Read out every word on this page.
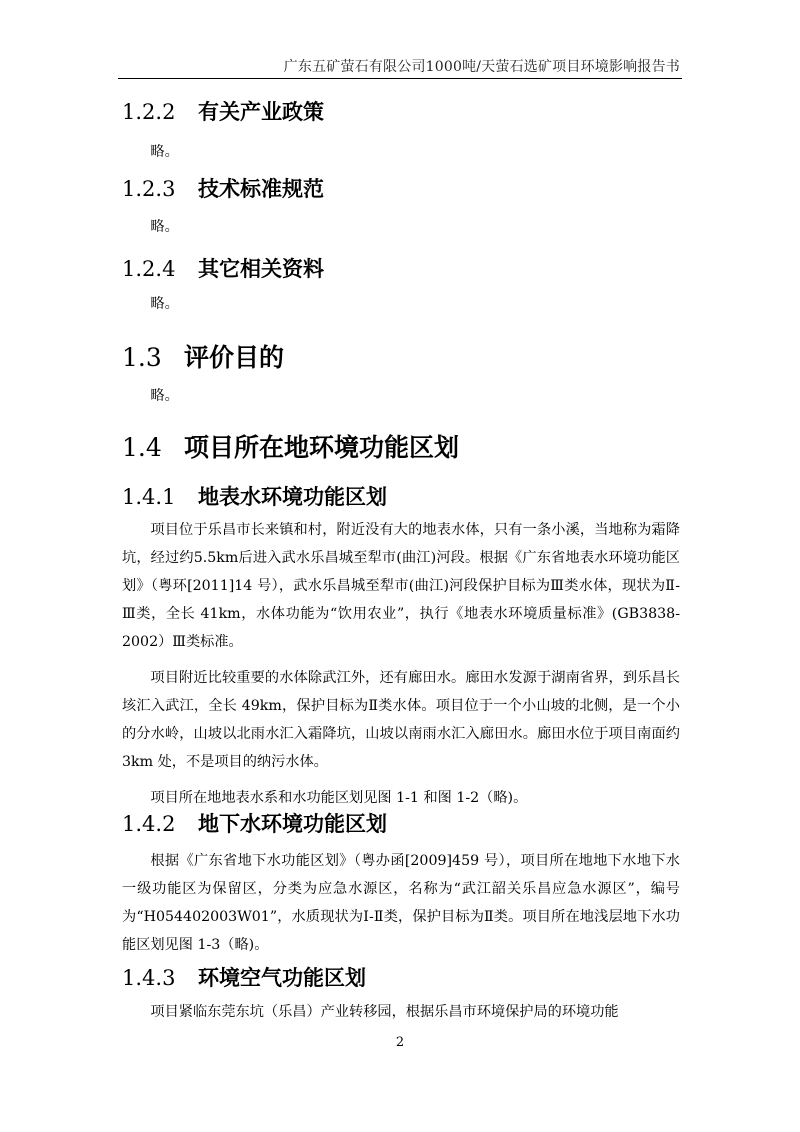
广东五矿萤石有限公司1000吨/天萤石选矿项目环境影响报告书
1.2.2 有关产业政策

略。

1.2.3 技术标准规范

略。

1.2.4 其它相关资料

略。

1.3 评价目的

略。

1.4 项目所在地环境功能区划
1.4.1 地表水环境功能区划

项目位于乐昌市长来镇和村，附近没有大的地表水体，只有一条小溪，当地称为霜降坑，经过约5.5km后进入武水乐昌城至犁市(曲江)河段。根据《广东省地表水环境功能区划》（粤环[2011]14 号），武水乐昌城至犁市(曲江)河段保护目标为Ⅲ类水体，现状为Ⅱ-Ⅲ类，全长 41km，水体功能为“饮用农业”，执行《地表水环境质量标准》(GB3838-2002）Ⅲ类标准。

项目附近比较重要的水体除武江外，还有廊田水。廊田水发源于湖南省界，到乐昌长垓汇入武江，全长 49km，保护目标为Ⅱ类水体。项目位于一个小山坡的北侧，是一个小的分水岭，山坡以北雨水汇入霜降坑，山坡以南雨水汇入廊田水。廊田水位于项目南面约 3km 处，不是项目的纳污水体。

项目所在地地表水系和水功能区划见图 1-1 和图 1-2（略)。

1.4.2 地下水环境功能区划

根据《广东省地下水功能区划》（粤办函[2009]459 号），项目所在地地下水地下水一级功能区为保留区，分类为应急水源区，名称为“武江韶关乐昌应急水源区”，编号为“H054402003W01”，水质现状为Ⅰ-Ⅱ类，保护目标为Ⅱ类。项目所在地浅层地下水功能区划见图 1-3（略)。

1.4.3 环境空气功能区划

项目紧临东莞东坑（乐昌）产业转移园，根据乐昌市环境保护局的环境功能

2
